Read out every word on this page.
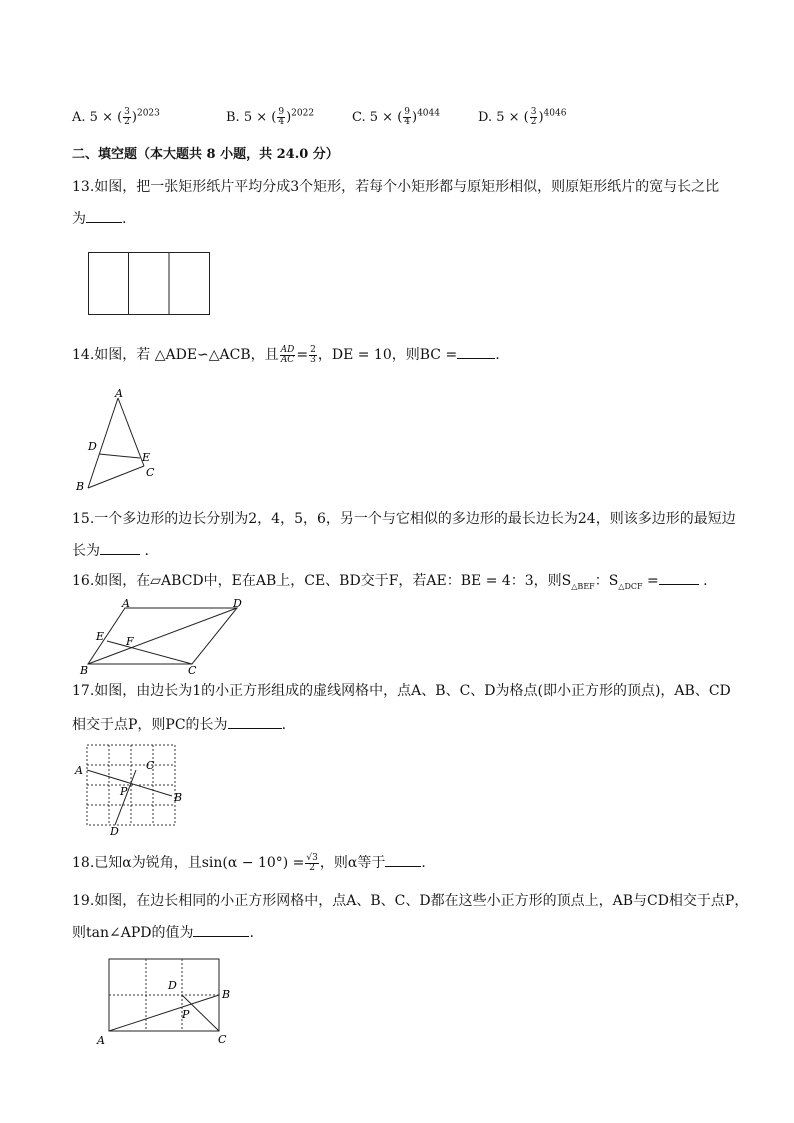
A. 5 × ( $\frac{3}{2} )^{2023}$	B. 5 × ( $\frac{9}{4} )^{2022}$	C. 5 × ( $\frac{9}{4} )^{4044}$	D. 5 × ( $\frac{3}{2} )^{4046}$
二、填空题（本大题共 8 小题，共 24.0 分）
13.如图，把一张矩形纸片平均分成3个矩形，若每个小矩形都与原矩形相似，则原矩形纸片的宽与长之比
为	.
14.如图，若 △ADE∽△ACB，且 $\frac{AD}{AC} = \frac{2}{3}$ ，DE = 10，则BC =	.
A
D
E
C
B
15.一个多边形的边长分别为2，4，5，6，另一个与它相似的多边形的最长边长为24，则该多边形的最短边
长为	.
16.如图，在▱ABCD中，E在AB上，CE、BD交于F，若AE：BE = 4：3，则$S_{\triangle BEF}$：$S_{\triangle DCF}$ =	.
A	D
E F
B	C
17.如图，由边长为1的小正方形组成的虚线网格中，点A、B、C、D为格点(即小正方形的顶点)，AB、CD
相交于点P，则PC的长为	.
A	C
P	B
D
18.已知α为锐角，且$\sin(\alpha - 10^\circ) = \frac{√3}{2}$ ，则α等于	.
19.如图，在边长相同的小正方形网格中，点A、B、C、D都在这些小正方形的顶点上，AB与CD相交于点P，
则tan∠APD的值为	.
D
B
P
A	C
